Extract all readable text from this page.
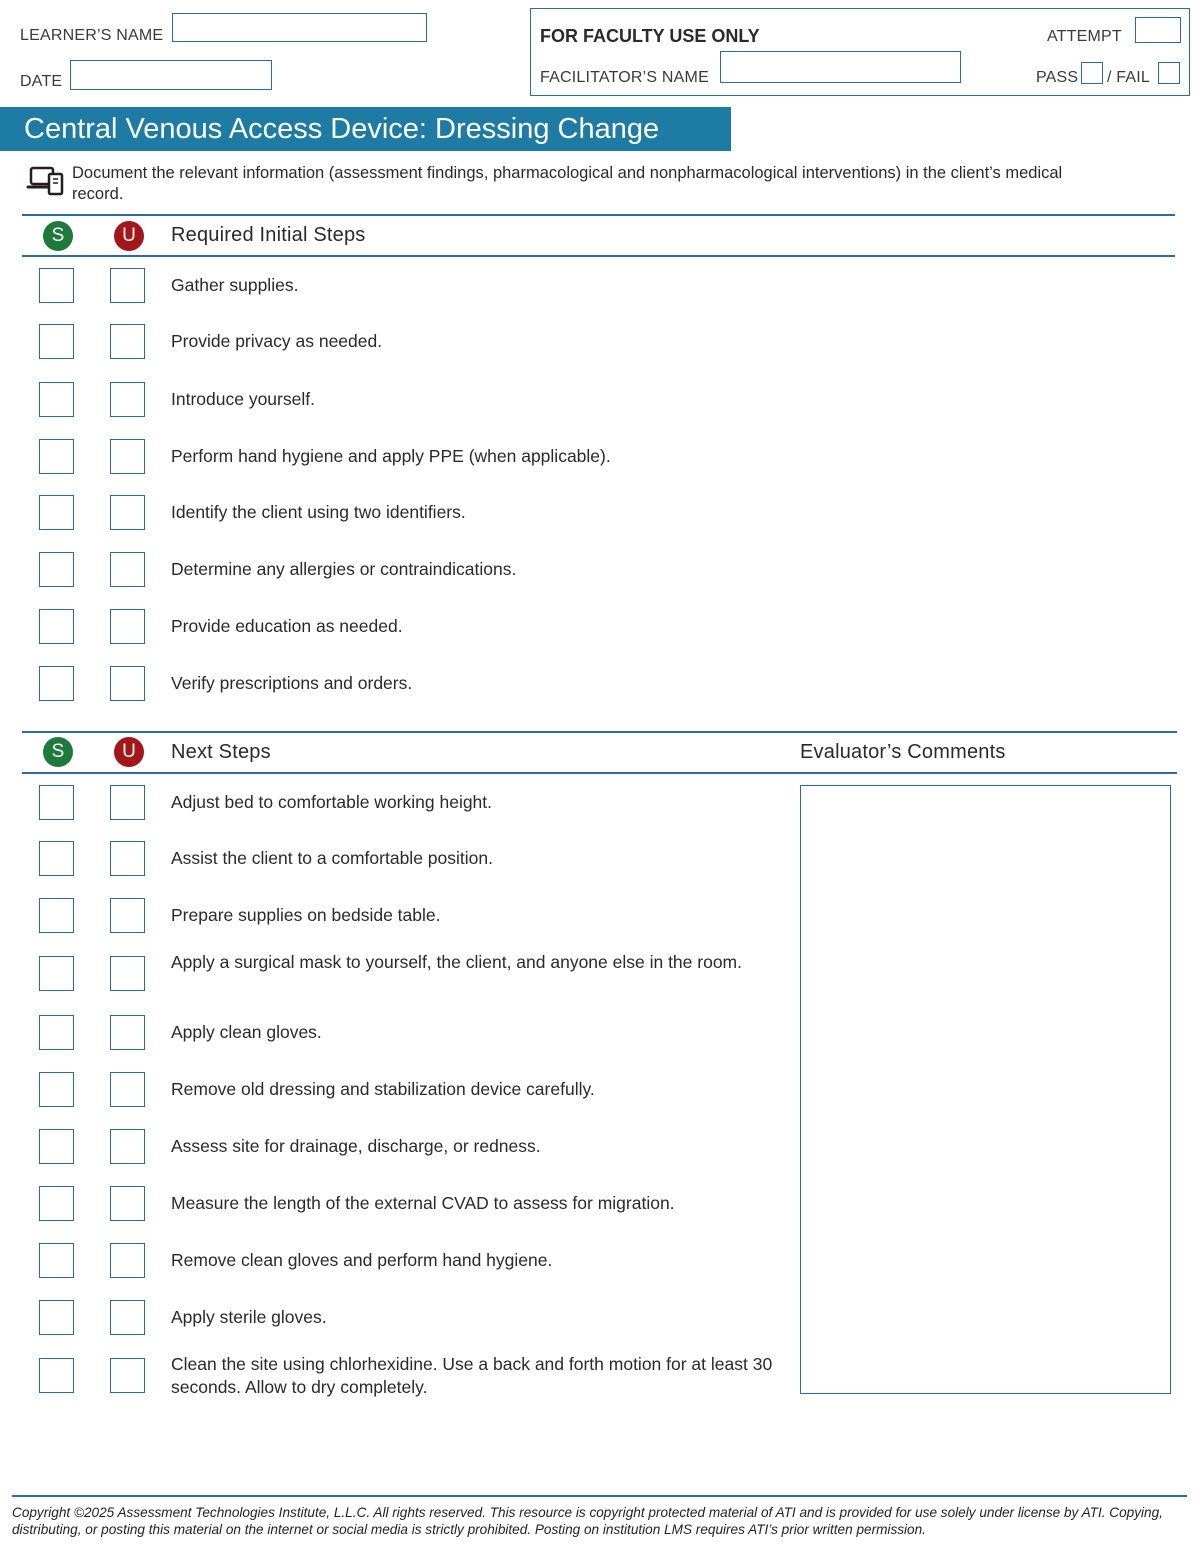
LEARNER’S NAME
DATE
FOR FACULTY USE ONLY
FACILITATOR’S NAME
ATTEMPT
PASS / FAIL
Central Venous Access Device: Dressing Change
Document the relevant information (assessment findings, pharmacological and nonpharmacological interventions) in the client’s medical record.
S	U	Required Initial Steps
Gather supplies.
Provide privacy as needed.
Introduce yourself.
Perform hand hygiene and apply PPE (when applicable).
Identify the client using two identifiers.
Determine any allergies or contraindications.
Provide education as needed.
Verify prescriptions and orders.
S	U	Next Steps	Evaluator’s Comments
Adjust bed to comfortable working height.
Assist the client to a comfortable position.
Prepare supplies on bedside table.
Apply a surgical mask to yourself, the client, and anyone else in the room.
Apply clean gloves.
Remove old dressing and stabilization device carefully.
Assess site for drainage, discharge, or redness.
Measure the length of the external CVAD to assess for migration.
Remove clean gloves and perform hand hygiene.
Apply sterile gloves.
Clean the site using chlorhexidine. Use a back and forth motion for at least 30 seconds. Allow to dry completely.
Copyright ©2025 Assessment Technologies Institute, L.L.C. All rights reserved. This resource is copyright protected material of ATI and is provided for use solely under license by ATI. Copying, distributing, or posting this material on the internet or social media is strictly prohibited. Posting on institution LMS requires ATI’s prior written permission.
